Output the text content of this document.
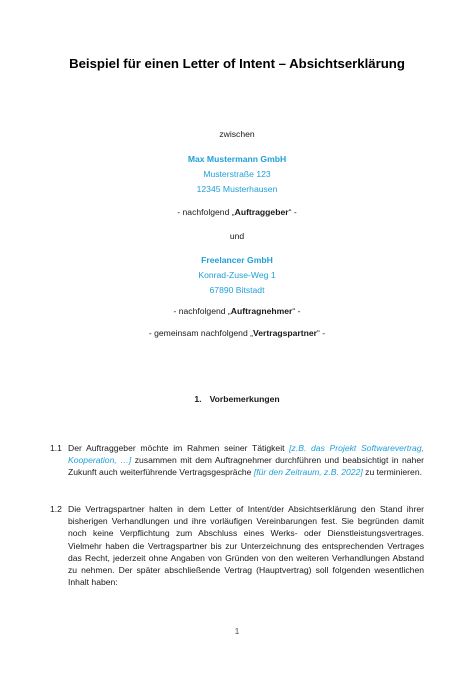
Beispiel für einen Letter of Intent – Absichtserklärung
zwischen
Max Mustermann GmbH
Musterstraße 123
12345 Musterhausen
- nachfolgend „Auftraggeber“ -
und
Freelancer GmbH
Konrad-Zuse-Weg 1
67890 Bitstadt
- nachfolgend „Auftragnehmer“ -
- gemeinsam nachfolgend „Vertragspartner“ -
1. Vorbemerkungen
1.1 Der Auftraggeber möchte im Rahmen seiner Tätigkeit [z.B. das Projekt Softwarevertrag, Kooperation, …] zusammen mit dem Auftragnehmer durchführen und beabsichtigt in naher Zukunft auch weiterführende Vertragsgespräche [für den Zeitraum, z.B. 2022] zu terminieren.
1.2 Die Vertragspartner halten in dem Letter of Intent/der Absichtserklärung den Stand ihrer bisherigen Verhandlungen und ihre vorläufigen Vereinbarungen fest. Sie begründen damit noch keine Verpflichtung zum Abschluss eines Werks- oder Dienstleistungsvertrages. Vielmehr haben die Vertragspartner bis zur Unterzeichnung des entsprechenden Vertrages das Recht, jederzeit ohne Angaben von Gründen von den weiteren Verhandlungen Abstand zu nehmen. Der später abschließende Vertrag (Hauptvertrag) soll folgenden wesentlichen Inhalt haben:
1
